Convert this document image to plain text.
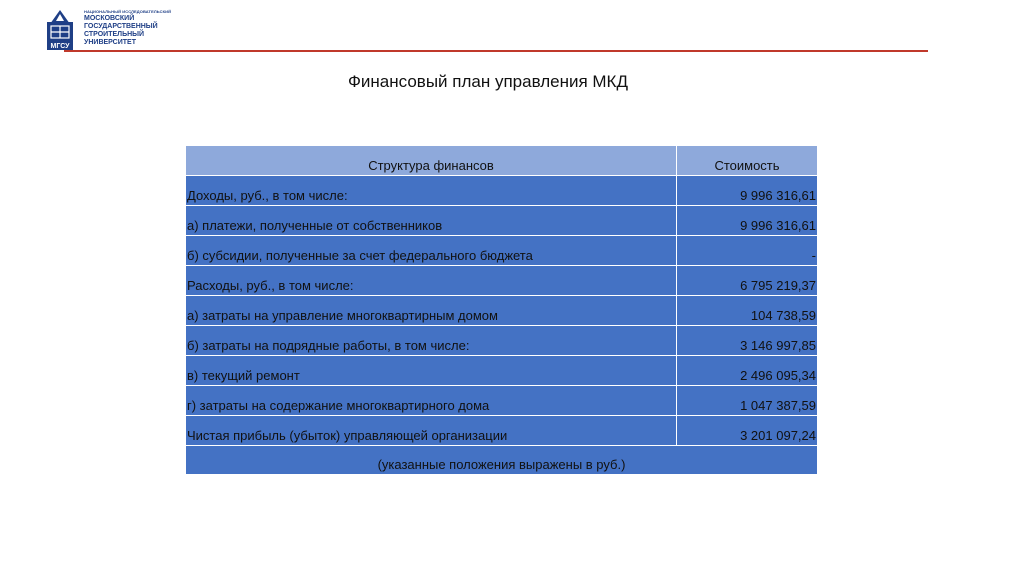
МГСУ
НАЦИОНАЛЬНЫЙ ИССЛЕДОВАТЕЛЬСКИЙ
МОСКОВСКИЙ
ГОСУДАРСТВЕННЫЙ
СТРОИТЕЛЬНЫЙ
УНИВЕРСИТЕТ
Финансовый план управления МКД
Структура финансов	Стоимость
Доходы, руб., в том числе:	9 996 316,61
а) платежи, полученные от собственников	9 996 316,61
б) субсидии, полученные за счет федерального бюджета	-
Расходы, руб., в том числе:	6 795 219,37
а) затраты на управление многоквартирным домом	104 738,59
б) затраты на подрядные работы, в том числе:	3 146 997,85
в) текущий ремонт	2 496 095,34
г) затраты на содержание многоквартирного дома	1 047 387,59
Чистая прибыль (убыток) управляющей организации	3 201 097,24
(указанные положения выражены в руб.)	
